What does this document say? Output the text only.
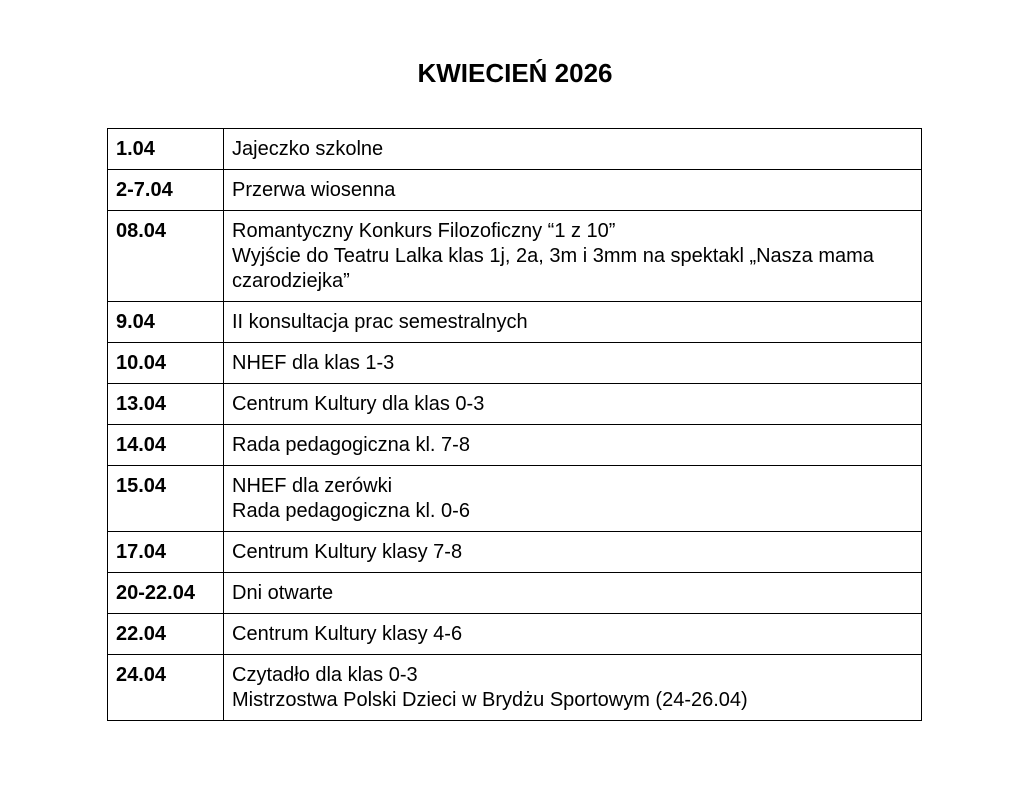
KWIECIEŃ 2026
1.04	Jajeczko szkolne

2-7.04	Przerwa wiosenna

08.04	Romantyczny Konkurs Filozoficzny “1 z 10”
Wyjście do Teatru Lalka klas 1j, 2a, 3m i 3mm na spektakl „Nasza mama czarodziejka”

9.04	II konsultacja prac semestralnych

10.04	NHEF dla klas 1-3

13.04	Centrum Kultury dla klas 0-3

14.04	Rada pedagogiczna kl. 7-8

15.04	NHEF dla zerówki
Rada pedagogiczna kl. 0-6

17.04	Centrum Kultury klasy 7-8

20-22.04	Dni otwarte

22.04	Centrum Kultury klasy 4-6

24.04	Czytadło dla klas 0-3
Mistrzostwa Polski Dzieci w Brydżu Sportowym (24-26.04)
